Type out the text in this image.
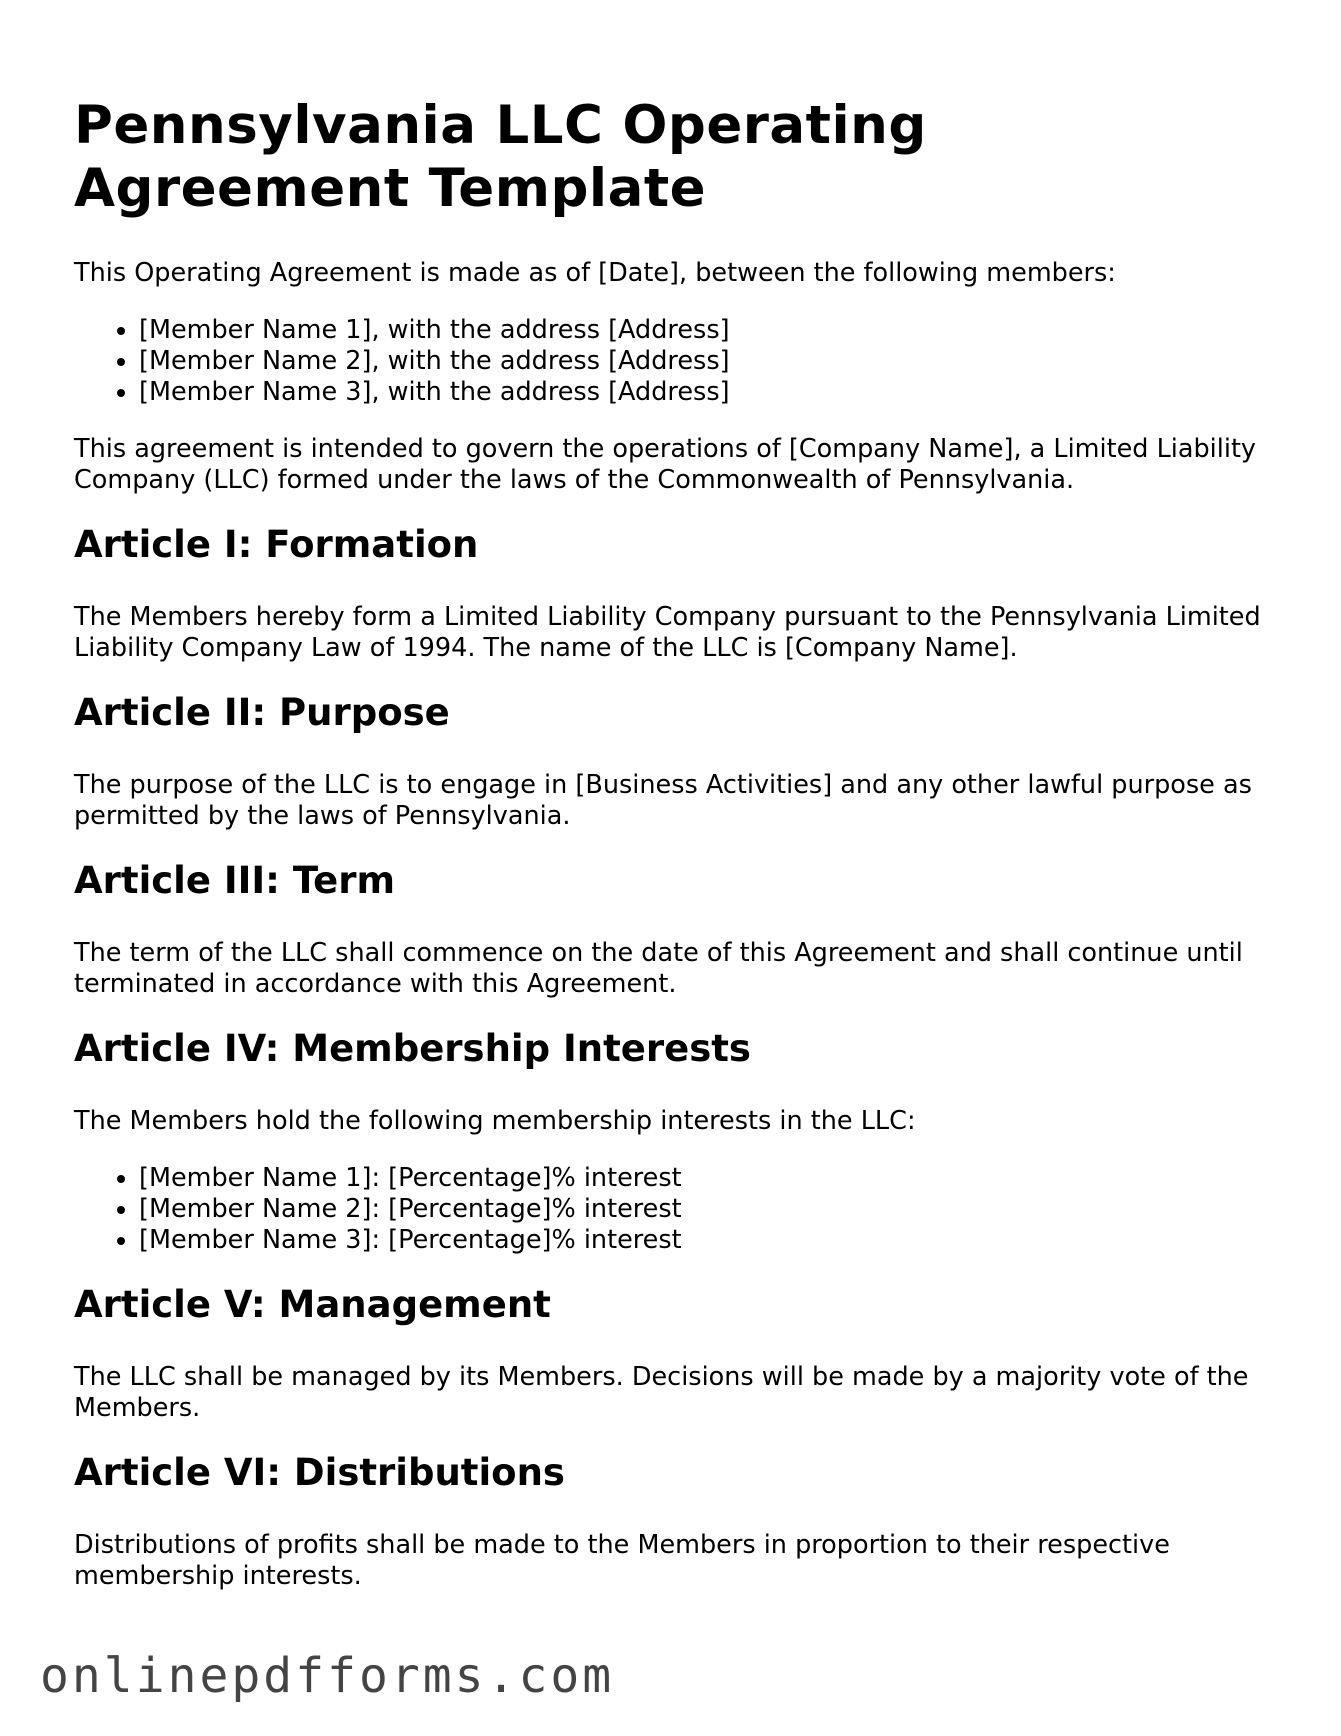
Pennsylvania LLC Operating Agreement Template

This Operating Agreement is made as of [Date], between the following members:

• [Member Name 1], with the address [Address]
• [Member Name 2], with the address [Address]
• [Member Name 3], with the address [Address]

This agreement is intended to govern the operations of [Company Name], a Limited Liability Company (LLC) formed under the laws of the Commonwealth of Pennsylvania.

Article I: Formation

The Members hereby form a Limited Liability Company pursuant to the Pennsylvania Limited Liability Company Law of 1994. The name of the LLC is [Company Name].

Article II: Purpose

The purpose of the LLC is to engage in [Business Activities] and any other lawful purpose as permitted by the laws of Pennsylvania.

Article III: Term

The term of the LLC shall commence on the date of this Agreement and shall continue until terminated in accordance with this Agreement.

Article IV: Membership Interests

The Members hold the following membership interests in the LLC:

• [Member Name 1]: [Percentage]% interest
• [Member Name 2]: [Percentage]% interest
• [Member Name 3]: [Percentage]% interest
Article V: Management

The LLC shall be managed by its Members. Decisions will be made by a majority vote of the Members.

Article VI: Distributions

Distributions of profits shall be made to the Members in proportion to their respective membership interests.

onlinepdfforms.com
